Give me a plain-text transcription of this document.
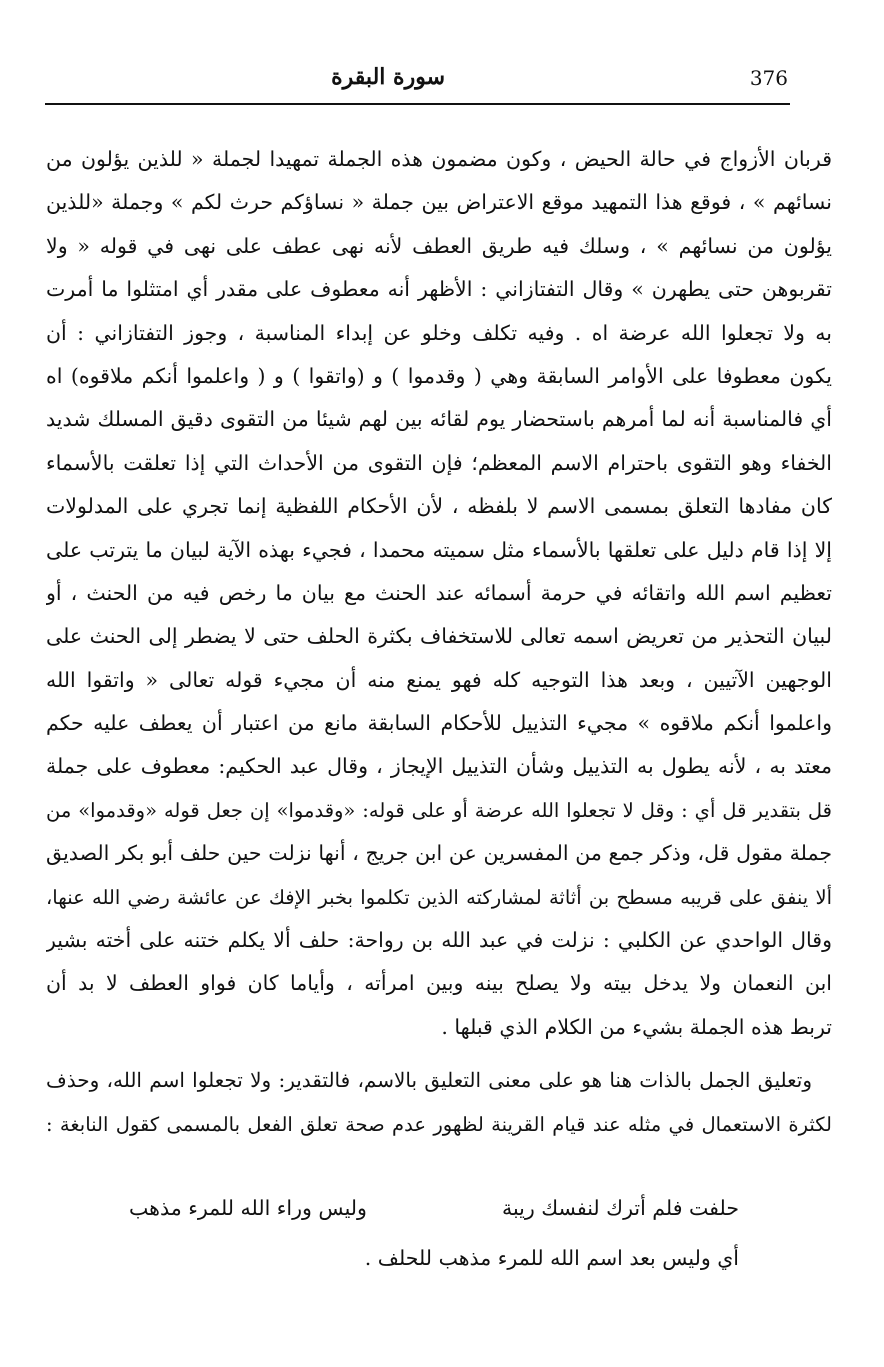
سورة البقرة	376
قربان الأزواج في حالة الحيض ، وكون مضمون هذه الجملة تمهيدا لجملة « للذين يؤلون من
نسائهم » ، فوقع هذا التمهيد موقع الاعتراض بين جملة « نساؤكم حرث لكم » وجملة «للذين
يؤلون من نسائهم » ، وسلك فيه طريق العطف لأنه نهى عطف على نهى في قوله « ولا
تقربوهن حتى يطهرن » وقال التفتازاني : الأظهر أنه معطوف على مقدر أي امتثلوا ما أمرت
به ولا تجعلوا الله عرضة اه . وفيه تكلف وخلو عن إبداء المناسبة ، وجوز التفتازاني : أن
يكون معطوفا على الأوامر السابقة وهي ( وقدموا ) و (واتقوا ) و ( واعلموا أنكم ملاقوه) اه
أي فالمناسبة أنه لما أمرهم باستحضار يوم لقائه بين لهم شيئا من التقوى دقيق المسلك شديد
الخفاء وهو التقوى باحترام الاسم المعظم؛ فإن التقوى من الأحداث التي إذا تعلقت بالأسماء
كان مفادها التعلق بمسمى الاسم لا بلفظه ، لأن الأحكام اللفظية إنما تجري على المدلولات
إلا إذا قام دليل على تعلقها بالأسماء مثل سميته محمدا ، فجيء بهذه الآية لبيان ما يترتب على
تعظيم اسم الله واتقائه في حرمة أسمائه عند الحنث مع بيان ما رخص فيه من الحنث ، أو
لبيان التحذير من تعريض اسمه تعالى للاستخفاف بكثرة الحلف حتى لا يضطر إلى الحنث على
الوجهين الآتيين ، وبعد هذا التوجيه كله فهو يمنع منه أن مجيء قوله تعالى « واتقوا الله
واعلموا أنكم ملاقوه » مجيء التذييل للأحكام السابقة مانع من اعتبار أن يعطف عليه حكم
معتد به ، لأنه يطول به التذييل وشأن التذييل الإيجاز ، وقال عبد الحكيم: معطوف على جملة
قل بتقدير قل أي : وقل لا تجعلوا الله عرضة أو على قوله: «وقدموا» إن جعل قوله «وقدموا» من
جملة مقول قل، وذكر جمع من المفسرين عن ابن جريج ، أنها نزلت حين حلف أبو بكر الصديق
ألا ينفق على قريبه مسطح بن أثاثة لمشاركته الذين تكلموا بخبر الإفك عن عائشة رضي الله عنها،
وقال الواحدي عن الكلبي : نزلت في عبد الله بن رواحة: حلف ألا يكلم ختنه على أخته بشير
ابن النعمان ولا يدخل بيته ولا يصلح بينه وبين امرأته ، وأياما كان فواو العطف لا بد أن
تربط هذه الجملة بشيء من الكلام الذي قبلها .
وتعليق الجمل بالذات هنا هو على معنى التعليق بالاسم، فالتقدير: ولا تجعلوا اسم الله، وحذف
لكثرة الاستعمال في مثله عند قيام القرينة لظهور عدم صحة تعلق الفعل بالمسمى كقول النابغة :
حلفت فلم أترك لنفسك ريبة
وليس وراء الله للمرء مذهب
أي وليس بعد اسم الله للمرء مذهب للحلف .
